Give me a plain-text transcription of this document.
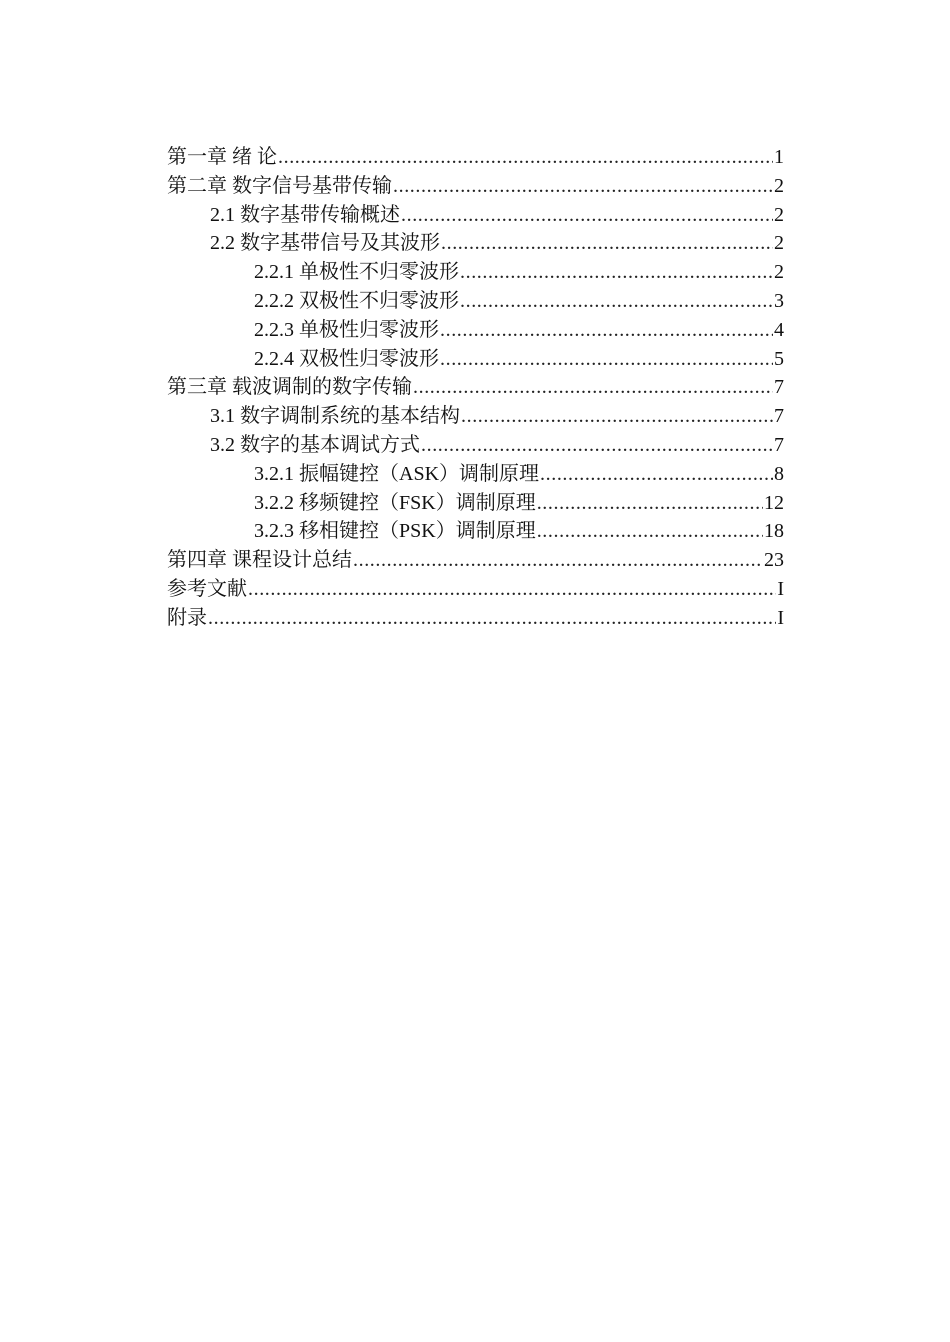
第一章 绪 论 .....	1
第二章 数字信号基带传输 .....	2
2.1 数字基带传输概述 .....	2
2.2 数字基带信号及其波形 .....	2
2.2.1 单极性不归零波形 .....	2
2.2.2 双极性不归零波形 .....	3
2.2.3 单极性归零波形 .....	4
2.2.4 双极性归零波形 .....	5
第三章 载波调制的数字传输 .....	7
3.1 数字调制系统的基本结构 .....	7
3.2 数字的基本调试方式 .....	7
3.2.1 振幅键控（ASK）调制原理 .....	8
3.2.2 移频键控（FSK）调制原理 .....	12
3.2.3 移相键控（PSK）调制原理 .....	18
第四章 课程设计总结 .....	23
参考文献 .....	I
附录 .....	I
